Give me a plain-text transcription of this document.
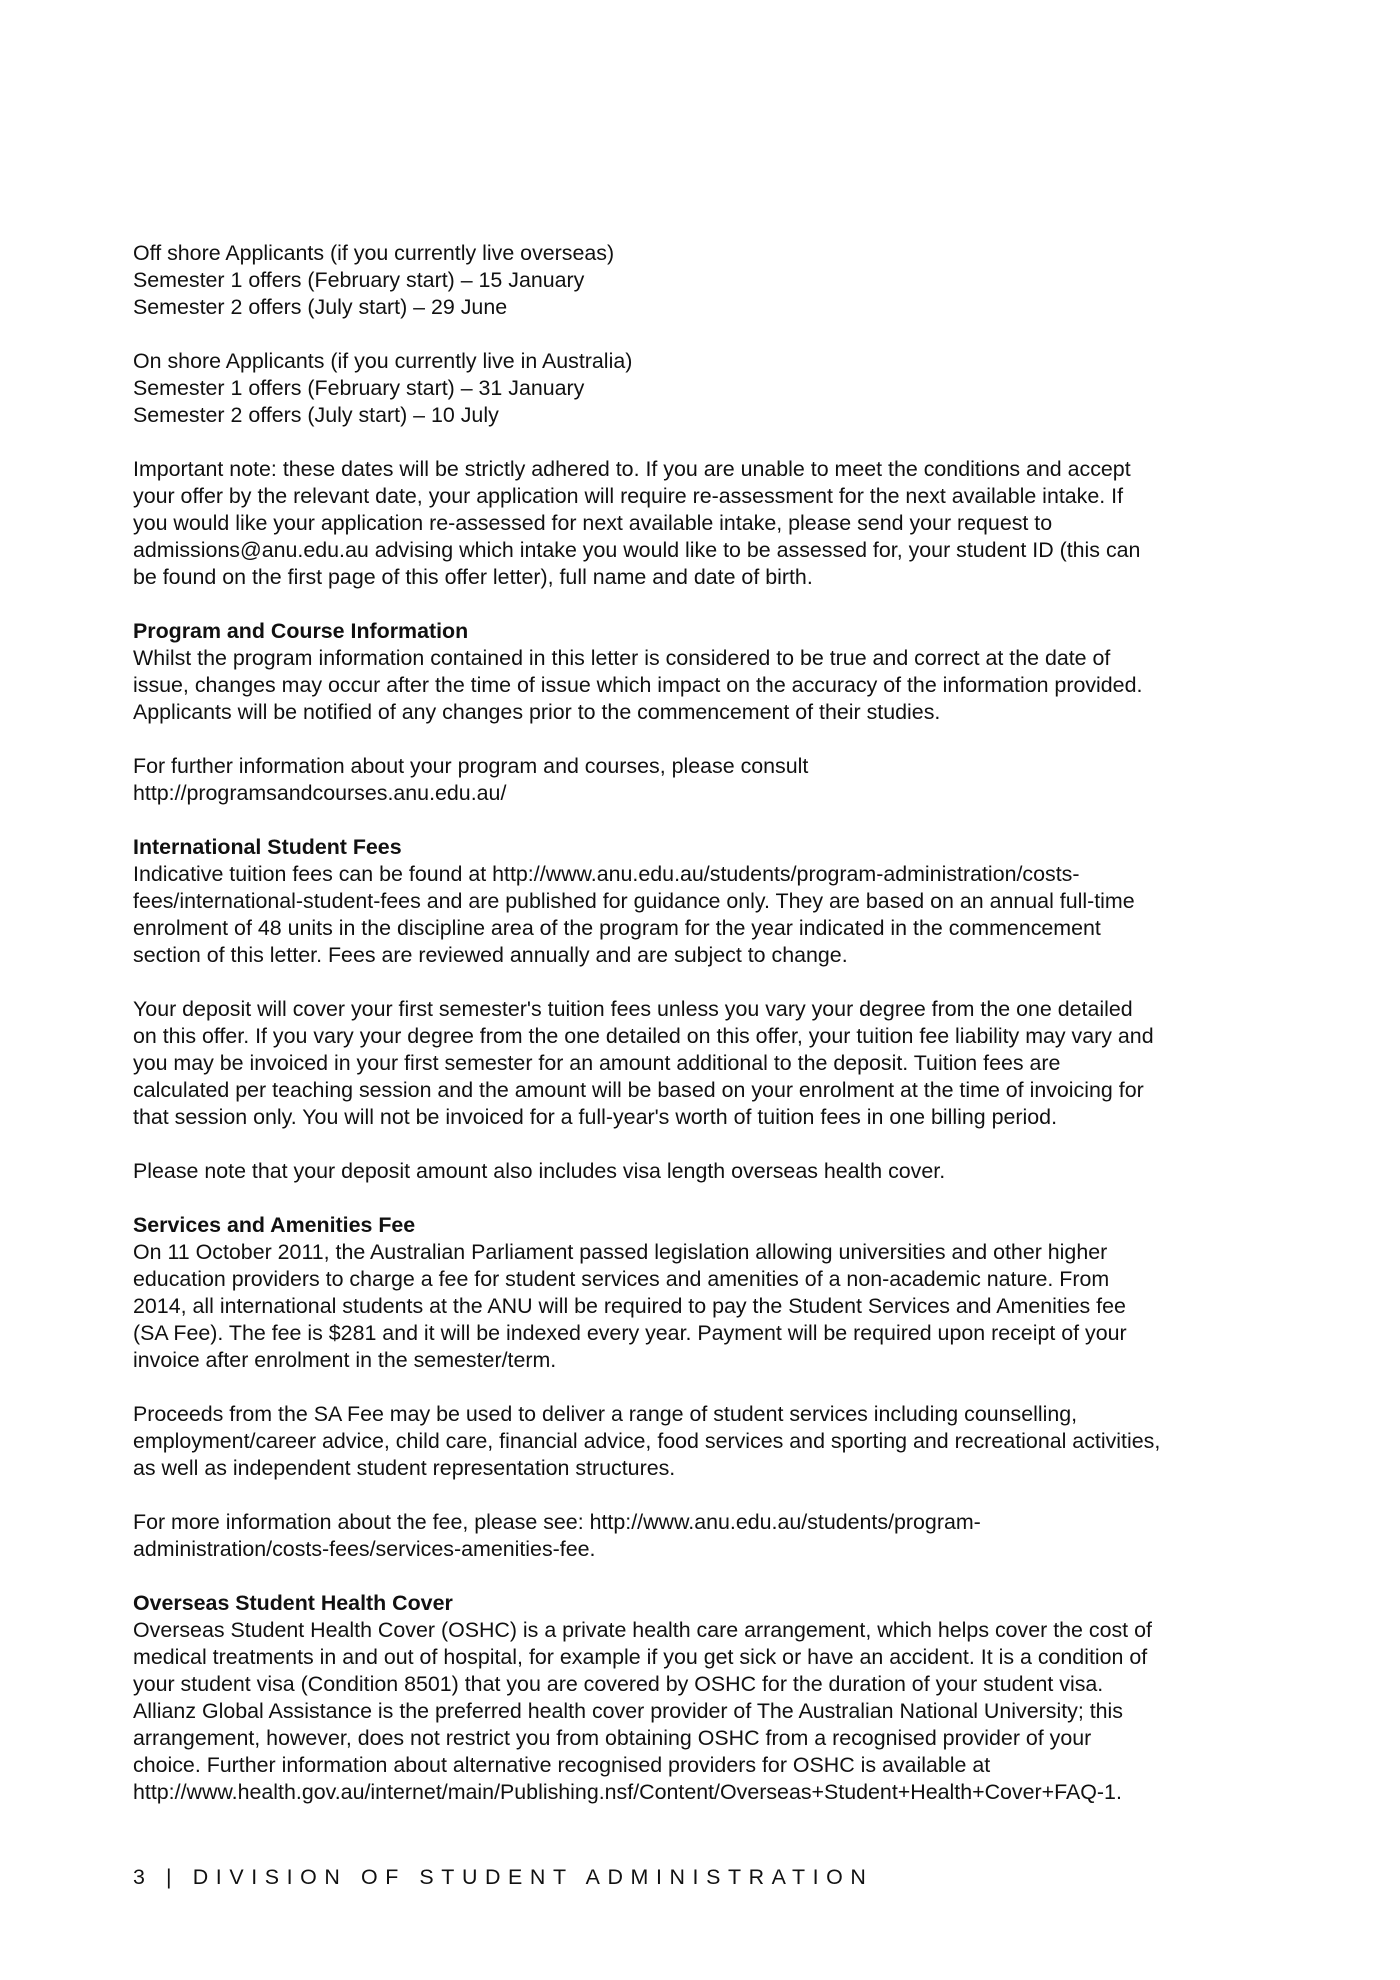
Off shore Applicants (if you currently live overseas)
Semester 1 offers (February start) – 15 January
Semester 2 offers (July start) – 29 June
On shore Applicants (if you currently live in Australia)
Semester 1 offers (February start) – 31 January
Semester 2 offers (July start) – 10 July
Important note: these dates will be strictly adhered to. If you are unable to meet the conditions and accept
your offer by the relevant date, your application will require re-assessment for the next available intake. If
you would like your application re-assessed for next available intake, please send your request to
admissions@anu.edu.au advising which intake you would like to be assessed for, your student ID (this can
be found on the first page of this offer letter), full name and date of birth.
Program and Course Information
Whilst the program information contained in this letter is considered to be true and correct at the date of
issue, changes may occur after the time of issue which impact on the accuracy of the information provided.
Applicants will be notified of any changes prior to the commencement of their studies.
For further information about your program and courses, please consult
http://programsandcourses.anu.edu.au/
International Student Fees
Indicative tuition fees can be found at http://www.anu.edu.au/students/program-administration/costs-
fees/international-student-fees and are published for guidance only. They are based on an annual full-time
enrolment of 48 units in the discipline area of the program for the year indicated in the commencement
section of this letter. Fees are reviewed annually and are subject to change.
Your deposit will cover your first semester's tuition fees unless you vary your degree from the one detailed
on this offer. If you vary your degree from the one detailed on this offer, your tuition fee liability may vary and
you may be invoiced in your first semester for an amount additional to the deposit. Tuition fees are
calculated per teaching session and the amount will be based on your enrolment at the time of invoicing for
that session only. You will not be invoiced for a full-year's worth of tuition fees in one billing period.
Please note that your deposit amount also includes visa length overseas health cover.
Services and Amenities Fee
On 11 October 2011, the Australian Parliament passed legislation allowing universities and other higher
education providers to charge a fee for student services and amenities of a non-academic nature. From
2014, all international students at the ANU will be required to pay the Student Services and Amenities fee
(SA Fee). The fee is $281 and it will be indexed every year. Payment will be required upon receipt of your
invoice after enrolment in the semester/term.
Proceeds from the SA Fee may be used to deliver a range of student services including counselling,
employment/career advice, child care, financial advice, food services and sporting and recreational activities,
as well as independent student representation structures.
For more information about the fee, please see: http://www.anu.edu.au/students/program-
administration/costs-fees/services-amenities-fee.
Overseas Student Health Cover
Overseas Student Health Cover (OSHC) is a private health care arrangement, which helps cover the cost of
medical treatments in and out of hospital, for example if you get sick or have an accident. It is a condition of
your student visa (Condition 8501) that you are covered by OSHC for the duration of your student visa.
Allianz Global Assistance is the preferred health cover provider of The Australian National University; this
arrangement, however, does not restrict you from obtaining OSHC from a recognised provider of your
choice. Further information about alternative recognised providers for OSHC is available at
http://www.health.gov.au/internet/main/Publishing.nsf/Content/Overseas+Student+Health+Cover+FAQ-1.
3 | DIVISION OF STUDENT ADMINISTRATION
